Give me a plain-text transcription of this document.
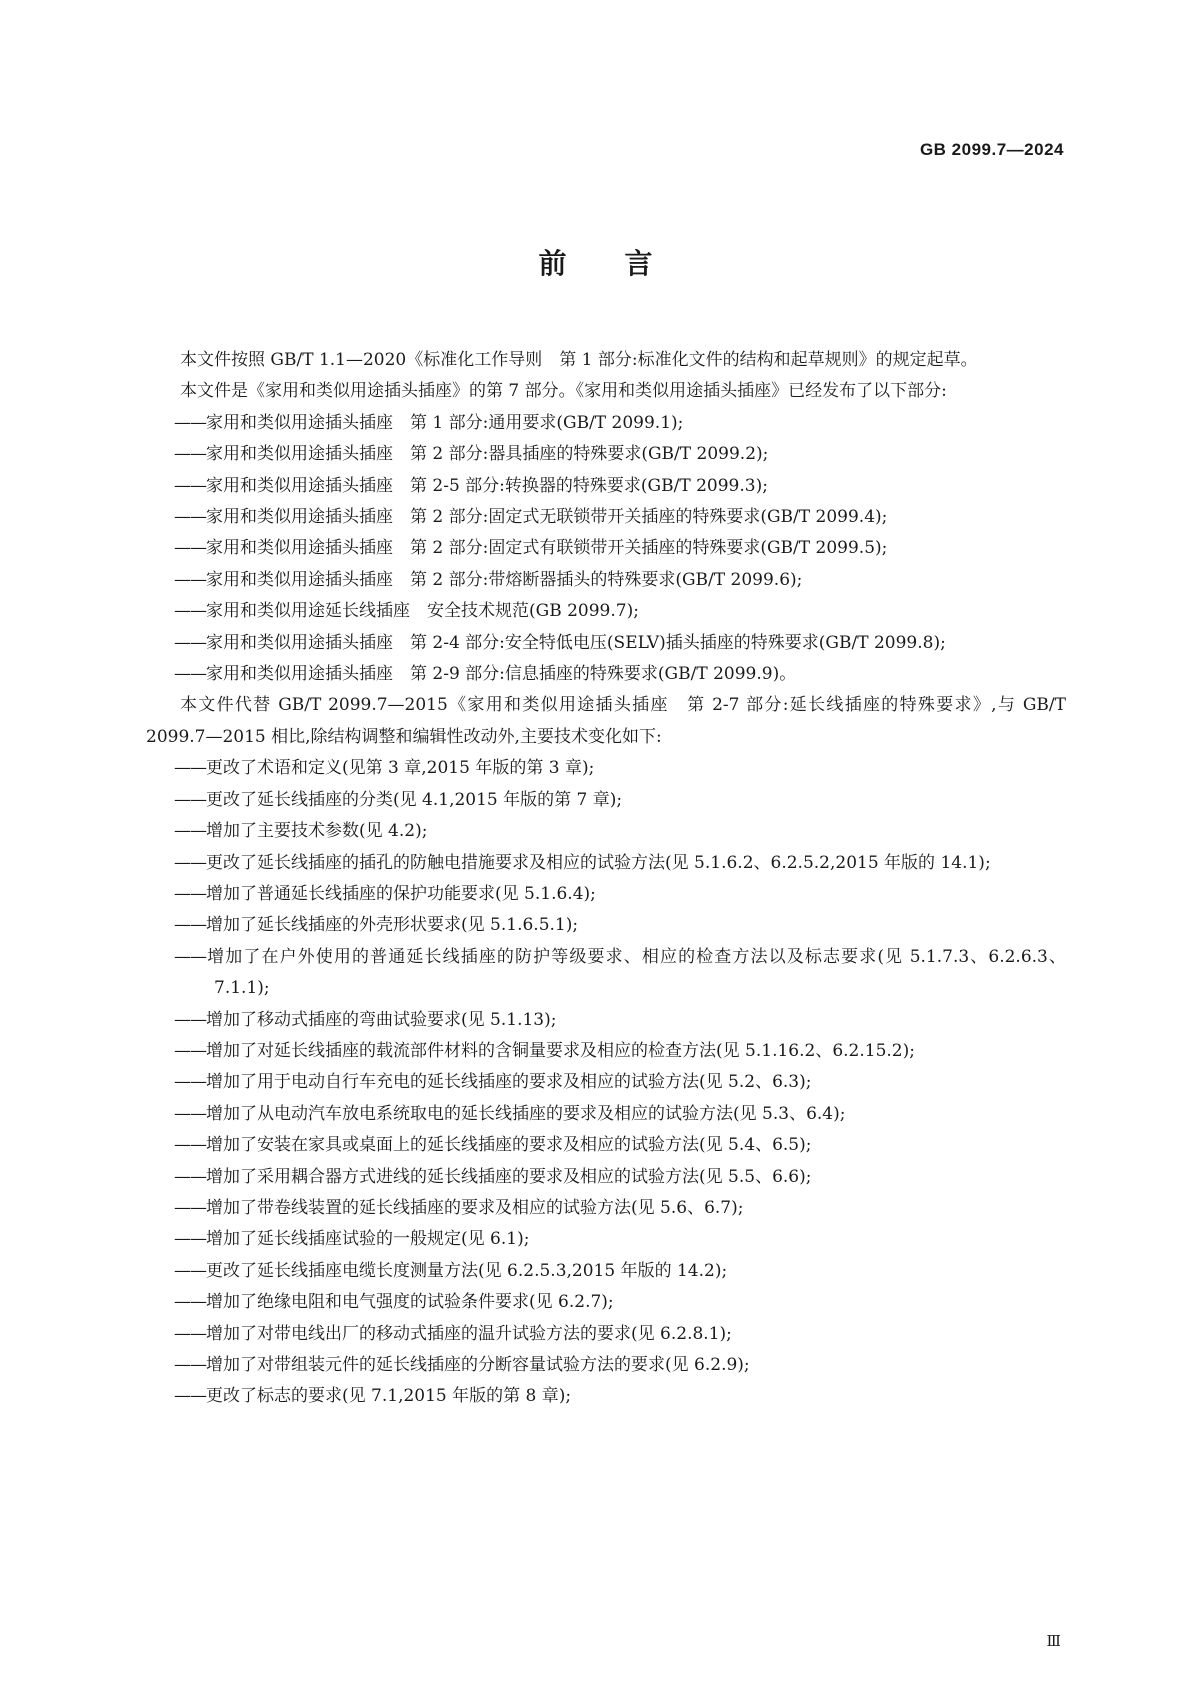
GB 2099.7—2024
前言

本文件按照 GB/T 1.1—2020《标准化工作导则　第 1 部分:标准化文件的结构和起草规则》的规定起草。

本文件是《家用和类似用途插头插座》的第 7 部分。《家用和类似用途插头插座》已经发布了以下部分:

——家用和类似用途插头插座　第 1 部分:通用要求(GB/T 2099.1);

——家用和类似用途插头插座　第 2 部分:器具插座的特殊要求(GB/T 2099.2);

——家用和类似用途插头插座　第 2-5 部分:转换器的特殊要求(GB/T 2099.3);

——家用和类似用途插头插座　第 2 部分:固定式无联锁带开关插座的特殊要求(GB/T 2099.4);

——家用和类似用途插头插座　第 2 部分:固定式有联锁带开关插座的特殊要求(GB/T 2099.5);

——家用和类似用途插头插座　第 2 部分:带熔断器插头的特殊要求(GB/T 2099.6);

——家用和类似用途延长线插座　安全技术规范(GB 2099.7);

——家用和类似用途插头插座　第 2-4 部分:安全特低电压(SELV)插头插座的特殊要求(GB/T 2099.8);

——家用和类似用途插头插座　第 2-9 部分:信息插座的特殊要求(GB/T 2099.9)。

本文件代替 GB/T 2099.7—2015《家用和类似用途插头插座　第 2-7 部分:延长线插座的特殊要求》,与 GB/T 2099.7—2015 相比,除结构调整和编辑性改动外,主要技术变化如下:

——更改了术语和定义(见第 3 章,2015 年版的第 3 章);

——更改了延长线插座的分类(见 4.1,2015 年版的第 7 章);

——增加了主要技术参数(见 4.2);

——更改了延长线插座的插孔的防触电措施要求及相应的试验方法(见 5.1.6.2、6.2.5.2,2015 年版的 14.1);

——增加了普通延长线插座的保护功能要求(见 5.1.6.4);

——增加了延长线插座的外壳形状要求(见 5.1.6.5.1);

——增加了在户外使用的普通延长线插座的防护等级要求、相应的检查方法以及标志要求(见 5.1.7.3、6.2.6.3、7.1.1);

——增加了移动式插座的弯曲试验要求(见 5.1.13);

——增加了对延长线插座的载流部件材料的含铜量要求及相应的检查方法(见 5.1.16.2、6.2.15.2);

——增加了用于电动自行车充电的延长线插座的要求及相应的试验方法(见 5.2、6.3);

——增加了从电动汽车放电系统取电的延长线插座的要求及相应的试验方法(见 5.3、6.4);

——增加了安装在家具或桌面上的延长线插座的要求及相应的试验方法(见 5.4、6.5);

——增加了采用耦合器方式进线的延长线插座的要求及相应的试验方法(见 5.5、6.6);

——增加了带卷线装置的延长线插座的要求及相应的试验方法(见 5.6、6.7);

——增加了延长线插座试验的一般规定(见 6.1);

——更改了延长线插座电缆长度测量方法(见 6.2.5.3,2015 年版的 14.2);

——增加了绝缘电阻和电气强度的试验条件要求(见 6.2.7);

——增加了对带电线出厂的移动式插座的温升试验方法的要求(见 6.2.8.1);

——增加了对带组装元件的延长线插座的分断容量试验方法的要求(见 6.2.9);

——更改了标志的要求(见 7.1,2015 年版的第 8 章);

Ⅲ
